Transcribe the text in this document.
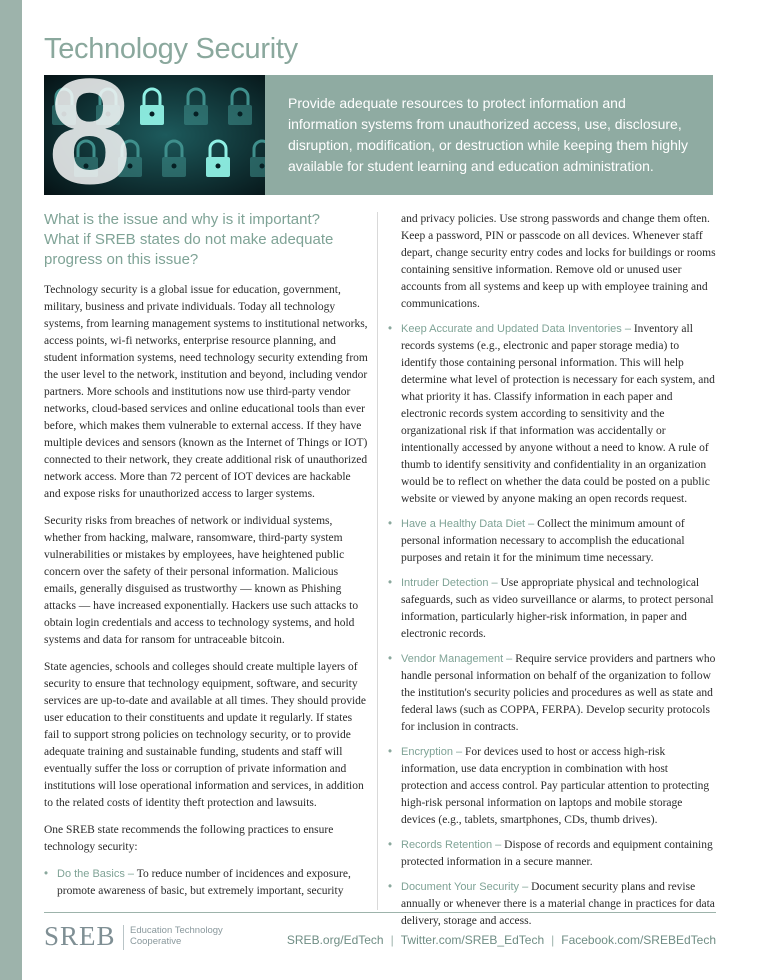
Technology Security
8	Provide adequate resources to protect information and information systems from unauthorized access, use, disclosure, disruption, modification, or destruction while keeping them highly available for student learning and education administration.
What is the issue and why is it important?
What if SREB states do not make adequate progress on this issue?

Technology security is a global issue for education, government, military, business and private individuals. Today all technology systems, from learning management systems to institutional networks, access points, wi-fi networks, enterprise resource planning, and student information systems, need technology security extending from the user level to the network, institution and beyond, including vendor partners. More schools and institutions now use third-party vendor networks, cloud-based services and online educational tools than ever before, which makes them vulnerable to external access. If they have multiple devices and sensors (known as the Internet of Things or IOT) connected to their network, they create additional risk of unauthorized network access. More than 72 percent of IOT devices are hackable and expose risks for unauthorized access to larger systems.

Security risks from breaches of network or individual systems, whether from hacking, malware, ransomware, third-party system vulnerabilities or mistakes by employees, have heightened public concern over the safety of their personal information. Malicious emails, generally disguised as trustworthy — known as Phishing attacks — have increased exponentially. Hackers use such attacks to obtain login credentials and access to technology systems, and hold systems and data for ransom for untraceable bitcoin.

State agencies, schools and colleges should create multiple layers of security to ensure that technology equipment, software, and security services are up-to-date and available at all times. They should provide user education to their constituents and update it regularly. If states fail to support strong policies on technology security, or to provide adequate training and sustainable funding, students and staff will eventually suffer the loss or corruption of private information and institutions will lose operational information and services, in addition to the related costs of identity theft protection and lawsuits.

One SREB state recommends the following practices to ensure technology security:

• Do the Basics – To reduce number of incidences and exposure, promote awareness of basic, but extremely important, security

and privacy policies. Use strong passwords and change them often. Keep a password, PIN or passcode on all devices. Whenever staff depart, change security entry codes and locks for buildings or rooms containing sensitive information. Remove old or unused user accounts from all systems and keep up with employee training and communications.

• Keep Accurate and Updated Data Inventories – Inventory all records systems (e.g., electronic and paper storage media) to identify those containing personal information. This will help determine what level of protection is necessary for each system, and what priority it has. Classify information in each paper and electronic records system according to sensitivity and the organizational risk if that information was accidentally or intentionally accessed by anyone without a need to know. A rule of thumb to identify sensitivity and confidentiality in an organization would be to reflect on whether the data could be posted on a public website or viewed by anyone making an open records request.
• Have a Healthy Data Diet – Collect the minimum amount of personal information necessary to accomplish the educational purposes and retain it for the minimum time necessary.
• Intruder Detection – Use appropriate physical and technological safeguards, such as video surveillance or alarms, to protect personal information, particularly higher-risk information, in paper and electronic records.
• Vendor Management – Require service providers and partners who handle personal information on behalf of the organization to follow the institution's security policies and procedures as well as state and federal laws (such as COPPA, FERPA). Develop security protocols for inclusion in contracts.
• Encryption – For devices used to host or access high-risk information, use data encryption in combination with host protection and access control. Pay particular attention to protecting high-risk personal information on laptops and mobile storage devices (e.g., tablets, smartphones, CDs, thumb drives).
• Records Retention – Dispose of records and equipment containing protected information in a secure manner.
• Document Your Security – Document security plans and revise annually or whenever there is a material change in practices for data delivery, storage and access.
SREB Education Technology
Cooperative	SREB.org/EdTech | Twitter.com/SREB_EdTech | Facebook.com/SREBEdTech
